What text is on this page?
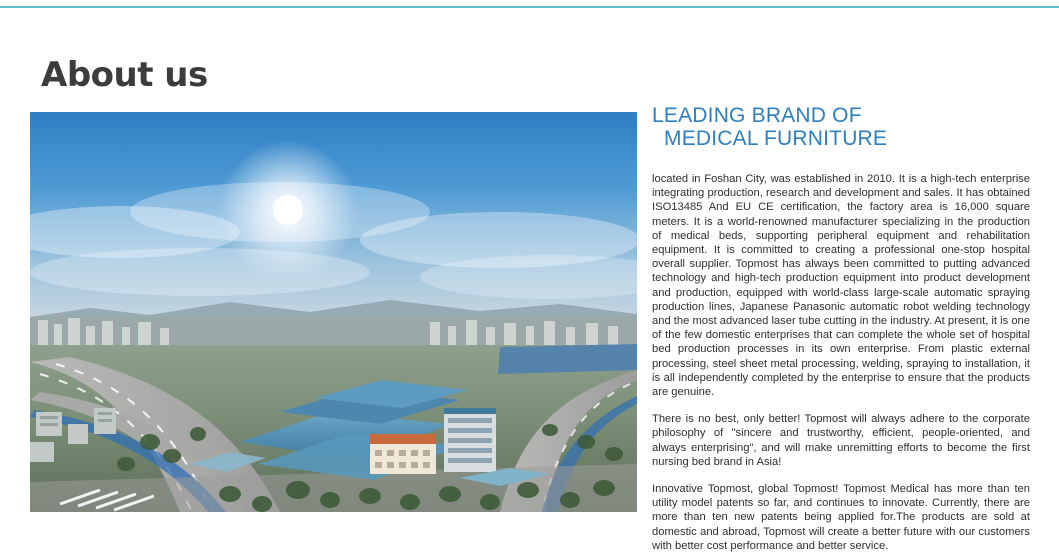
About us
LEADING BRAND OF
MEDICAL FURNITURE

located in Foshan City, was established in 2010. It is a high-tech enterprise integrating production, research and development and sales. It has obtained ISO13485 And EU CE certification, the factory area is 16,000 square meters. It is a world-renowned manufacturer specializing in the production of medical beds, supporting peripheral equipment and rehabilitation equipment. It is committed to creating a professional one-stop hospital overall supplier. Topmost has always been committed to putting advanced technology and high-tech production equipment into product development and production, equipped with world-class large-scale automatic spraying production lines, Japanese Panasonic automatic robot welding technology and the most advanced laser tube cutting in the industry. At present, it is one of the few domestic enterprises that can complete the whole set of hospital bed production processes in its own enterprise. From plastic external processing, steel sheet metal processing, welding, spraying to installation, it is all independently completed by the enterprise to ensure that the products are genuine.

There is no best, only better! Topmost will always adhere to the corporate philosophy of "sincere and trustworthy, efficient, people-oriented, and always enterprising", and will make unremitting efforts to become the first nursing bed brand in Asia!

Innovative Topmost, global Topmost! Topmost Medical has more than ten utility model patents so far, and continues to innovate. Currently, there are more than ten new patents being applied for.The products are sold at domestic and abroad, Topmost will create a better future with our customers with better cost performance and better service.
